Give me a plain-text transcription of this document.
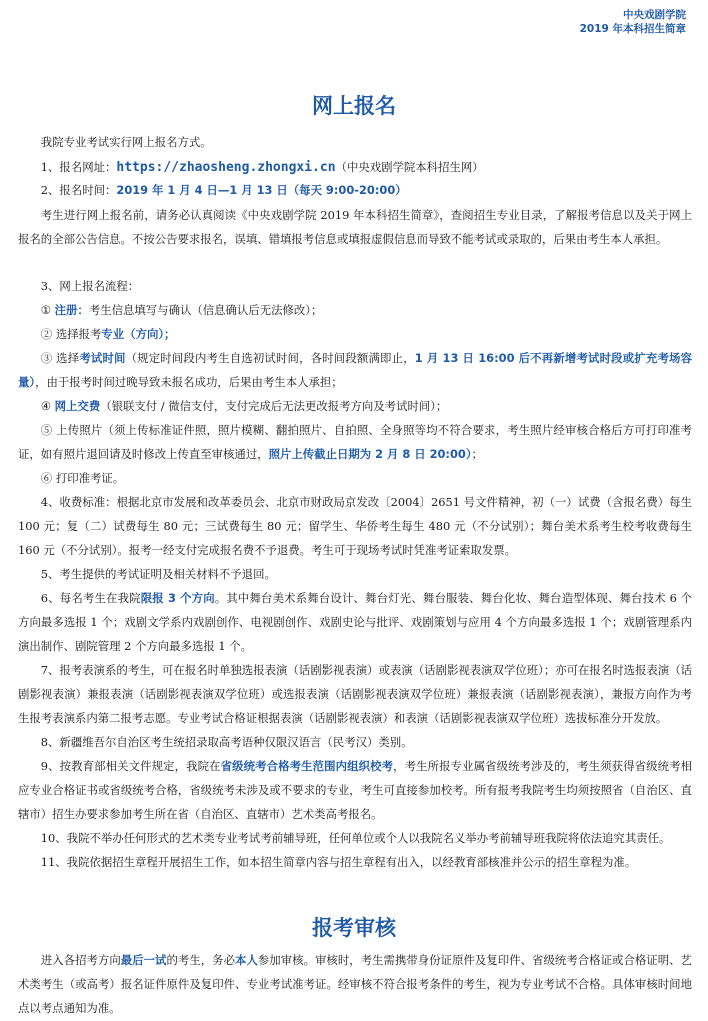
中央戏剧学院
2019 年本科招生简章
网上报名
我院专业考试实行网上报名方式。
1、报名网址：https://zhaosheng.zhongxi.cn（中央戏剧学院本科招生网）
2、报名时间：2019 年 1 月 4 日—1 月 13 日（每天 9:00-20:00）
考生进行网上报名前，请务必认真阅读《中央戏剧学院 2019 年本科招生简章》，查阅招生专业目录，了解报考信息以及关于网上报名的全部公告信息。不按公告要求报名，误填、错填报考信息或填报虚假信息而导致不能考试或录取的，后果由考生本人承担。
3、网上报名流程：
① 注册：考生信息填写与确认（信息确认后无法修改）；
② 选择报考专业（方向）；
③ 选择考试时间（规定时间段内考生自选初试时间，各时间段额满即止，1 月 13 日 16:00 后不再新增考试时段或扩充考场容量），由于报考时间过晚导致未报名成功，后果由考生本人承担；
④ 网上交费（银联支付 / 微信支付，支付完成后无法更改报考方向及考试时间）；
⑤ 上传照片（须上传标准证件照，照片模糊、翻拍照片、自拍照、全身照等均不符合要求，考生照片经审核合格后方可打印准考证，如有照片退回请及时修改上传直至审核通过，照片上传截止日期为 2 月 8 日 20:00）；
⑥ 打印准考证。
4、收费标准：根据北京市发展和改革委员会、北京市财政局京发改〔2004〕2651 号文件精神，初（一）试费（含报名费）每生 100 元；复（二）试费每生 80 元；三试费每生 80 元；留学生、华侨考生每生 480 元（不分试别）；舞台美术系考生校考收费每生 160 元（不分试别）。报考一经支付完成报名费不予退费。考生可于现场考试时凭准考证索取发票。
5、考生提供的考试证明及相关材料不予退回。
6、每名考生在我院限报 3 个方向。其中舞台美术系舞台设计、舞台灯光、舞台服装、舞台化妆、舞台造型体现、舞台技术 6 个方向最多选报 1 个；戏剧文学系内戏剧创作、电视剧创作、戏剧史论与批评、戏剧策划与应用 4 个方向最多选报 1 个；戏剧管理系内演出制作、剧院管理 2 个方向最多选报 1 个。
7、报考表演系的考生，可在报名时单独选报表演（话剧影视表演）或表演（话剧影视表演双学位班）；亦可在报名时选报表演（话剧影视表演）兼报表演（话剧影视表演双学位班）或选报表演（话剧影视表演双学位班）兼报表演（话剧影视表演），兼报方向作为考生报考表演系内第二报考志愿。专业考试合格证根据表演（话剧影视表演）和表演（话剧影视表演双学位班）选拔标准分开发放。
8、新疆维吾尔自治区考生统招录取高考语种仅限汉语言（民考汉）类别。
9、按教育部相关文件规定，我院在省级统考合格考生范围内组织校考，考生所报专业属省级统考涉及的，考生须获得省级统考相应专业合格证书或省级统考合格，省级统考未涉及或不要求的专业，考生可直接参加校考。所有报考我院考生均须按照省（自治区、直辖市）招生办要求参加考生所在省（自治区、直辖市）艺术类高考报名。
10、我院不举办任何形式的艺术类专业考试考前辅导班，任何单位或个人以我院名义举办考前辅导班我院将依法追究其责任。
11、我院依据招生章程开展招生工作，如本招生简章内容与招生章程有出入，以经教育部核准并公示的招生章程为准。
报考审核
进入各招考方向最后一试的考生，务必本人参加审核。审核时，考生需携带身份证原件及复印件、省级统考合格证或合格证明、艺术类考生（或高考）报名证件原件及复印件、专业考试准考证。经审核不符合报考条件的考生，视为专业考试不合格。具体审核时间地点以考点通知为准。
